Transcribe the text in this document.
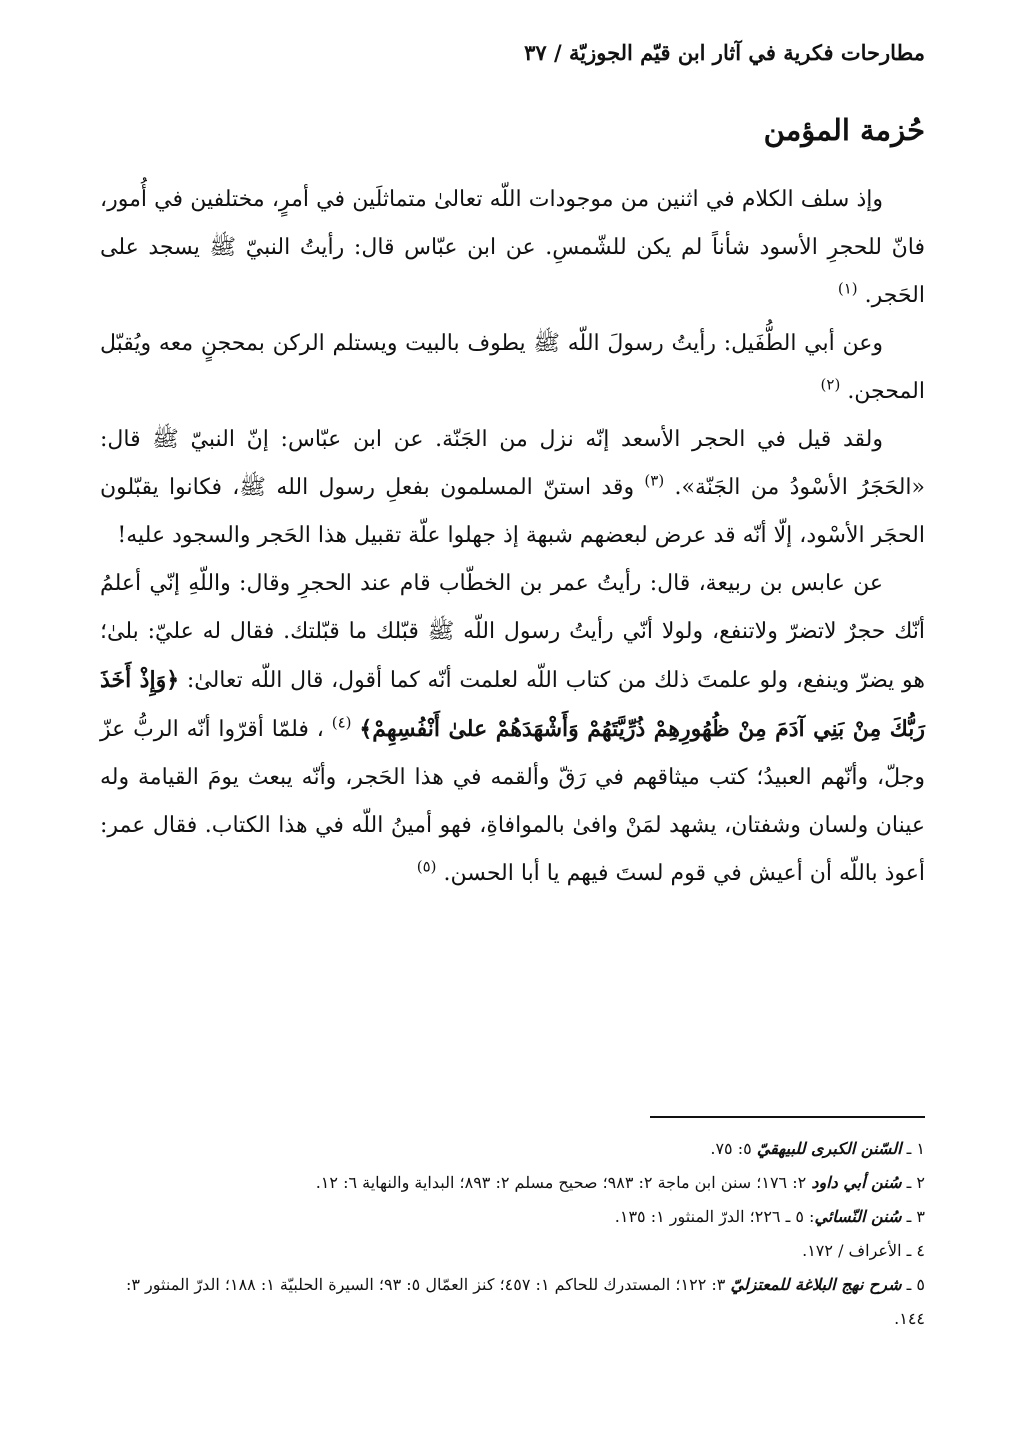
مطارحات فكرية في آثار ابن قيّم الجوزيّة / ٣٧
حُزمة المؤمن

وإذ سلف الكلام في اثنين من موجودات اللّه تعالىٰ متماثلَين في أمرٍ، مختلفين في أُمور، فانّ للحجرِ الأسود شأناً لم يكن للشّمسِ. عن ابن عبّاس قال: رأيتُ النبيّ ﷺ يسجد على الحَجر. $^{(١)}$

وعن أبي الطُّفَيل: رأيتُ رسولَ اللّه ﷺ يطوف بالبيت ويستلم الركن بمحجنٍ معه ويُقبّل المحجن. $^{(٢)}$

ولقد قيل في الحجر الأسعد إنّه نزل من الجَنّة. عن ابن عبّاس: إنّ النبيّ ﷺ قال: «الحَجَرُ الأسْودُ من الجَنّة». $^{(٣)}$ وقد استنّ المسلمون بفعلِ رسول الله ﷺ، فكانوا يقبّلون الحجَر الأسْود، إلّا أنّه قد عرض لبعضهم شبهة إذ جهلوا علّة تقبيل هذا الحَجر والسجود عليه!

عن عابس بن ربيعة، قال: رأيتُ عمر بن الخطّاب قام عند الحجرِ وقال: واللّهِ إنّي أعلمُ أنّك حجرٌ لاتضرّ ولاتنفع، ولولا أنّي رأيتُ رسول اللّه ﷺ قبّلك ما قبّلتك. فقال له عليّ: بلىٰ؛ هو يضرّ وينفع، ولو علمتَ ذلك من كتاب اللّه لعلمت أنّه كما أقول، قال اللّه تعالىٰ: ﴿وَإِذْ أَخَذَ رَبُّكَ مِنْ بَنِي آدَمَ مِنْ ظُهُورِهِمْ ذُرِّيَّتَهُمْ وَأَشْهَدَهُمْ علىٰ أَنْفُسِهِمْ﴾ $^{(٤)}$ ، فلمّا أقرّوا أنّه الربُّ عزّ وجلّ، وأنّهم العبيدُ؛ كتب ميثاقهم في رَقّ وألقمه في هذا الحَجر، وأنّه يبعث يومَ القيامة وله عينان ولسان وشفتان، يشهد لمَنْ وافىٰ بالموافاةِ، فهو أمينُ اللّه في هذا الكتاب. فقال عمر: أعوذ باللّه أن أعيش في قوم لستَ فيهم يا أبا الحسن. $^{(٥)}$

١ ـ السّنن الكبرى للبيهقيّ ٥: ٧٥.

٢ ـ سُنن أبي داود ٢: ١٧٦؛ سنن ابن ماجة ٢: ٩٨٣؛ صحيح مسلم ٢: ٨٩٣؛ البداية والنهاية ٦: ١٢.

٣ ـ سُنن النّسائي: ٥ ـ ٢٢٦؛ الدرّ المنثور ١: ١٣٥.

٤ ـ الأعراف / ١٧٢.

٥ ـ شرح نهج البلاغة للمعتزليّ ٣: ١٢٢؛ المستدرك للحاكم ١: ٤٥٧؛ كنز العمّال ٥: ٩٣؛ السيرة الحلبيّة ١: ١٨٨؛ الدرّ المنثور ٣: ١٤٤.
